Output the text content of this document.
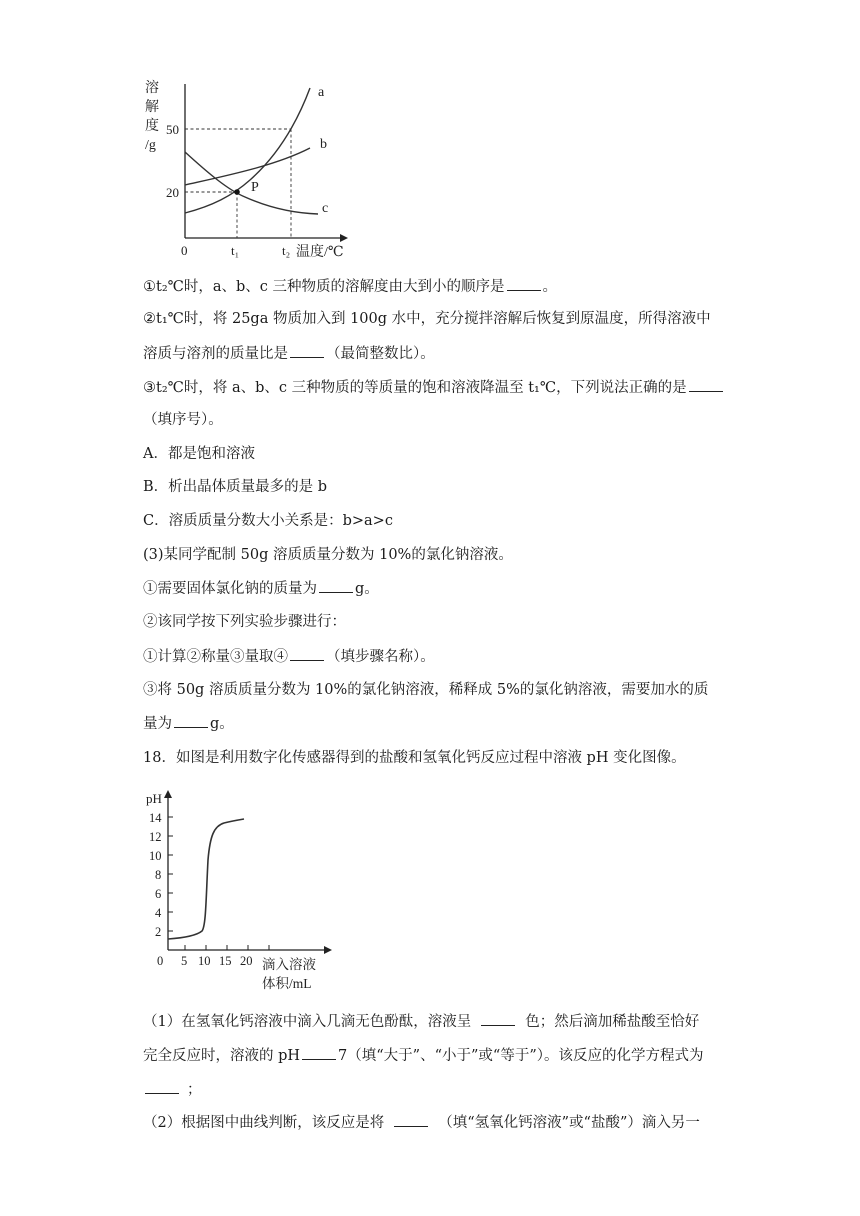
溶
解
度
/g
50
20	P
a
b
c
0	t₁	t₂ 温度/℃
①t₂℃时，a、b、c 三种物质的溶解度由大到小的顺序是	。
②t₁℃时，将 25ga 物质加入到 100g 水中，充分搅拌溶解后恢复到原温度，所得溶液中
溶质与溶剂的质量比是	（最简整数比）。
③t₂℃时，将 a、b、c 三种物质的等质量的饱和溶液降温至 t₁℃，下列说法正确的是
（填序号）。
A．都是饱和溶液
B．析出晶体质量最多的是 b
C．溶质质量分数大小关系是：b>a>c
(3)某同学配制 50g 溶质质量分数为 10%的氯化钠溶液。
①需要固体氯化钠的质量为	g。
②该同学按下列实验步骤进行：
①计算②称量③量取④	（填步骤名称）。
③将 50g 溶质质量分数为 10%的氯化钠溶液，稀释成 5%的氯化钠溶液，需要加水的质
量为	g。
18．如图是利用数字化传感器得到的盐酸和氢氧化钙反应过程中溶液 pH 变化图像。
pH
14
12
10
8
6
4
2
0 5 10 15 20 滴入溶液
体积/mL
（1）在氢氧化钙溶液中滴入几滴无色酚酞，溶液呈	色；然后滴加稀盐酸至恰好
完全反应时，溶液的 pH	7（填“大于”、“小于”或“等于”）。该反应的化学方程式为
；
（2）根据图中曲线判断，该反应是将	（填“氢氧化钙溶液”或“盐酸”）滴入另一
